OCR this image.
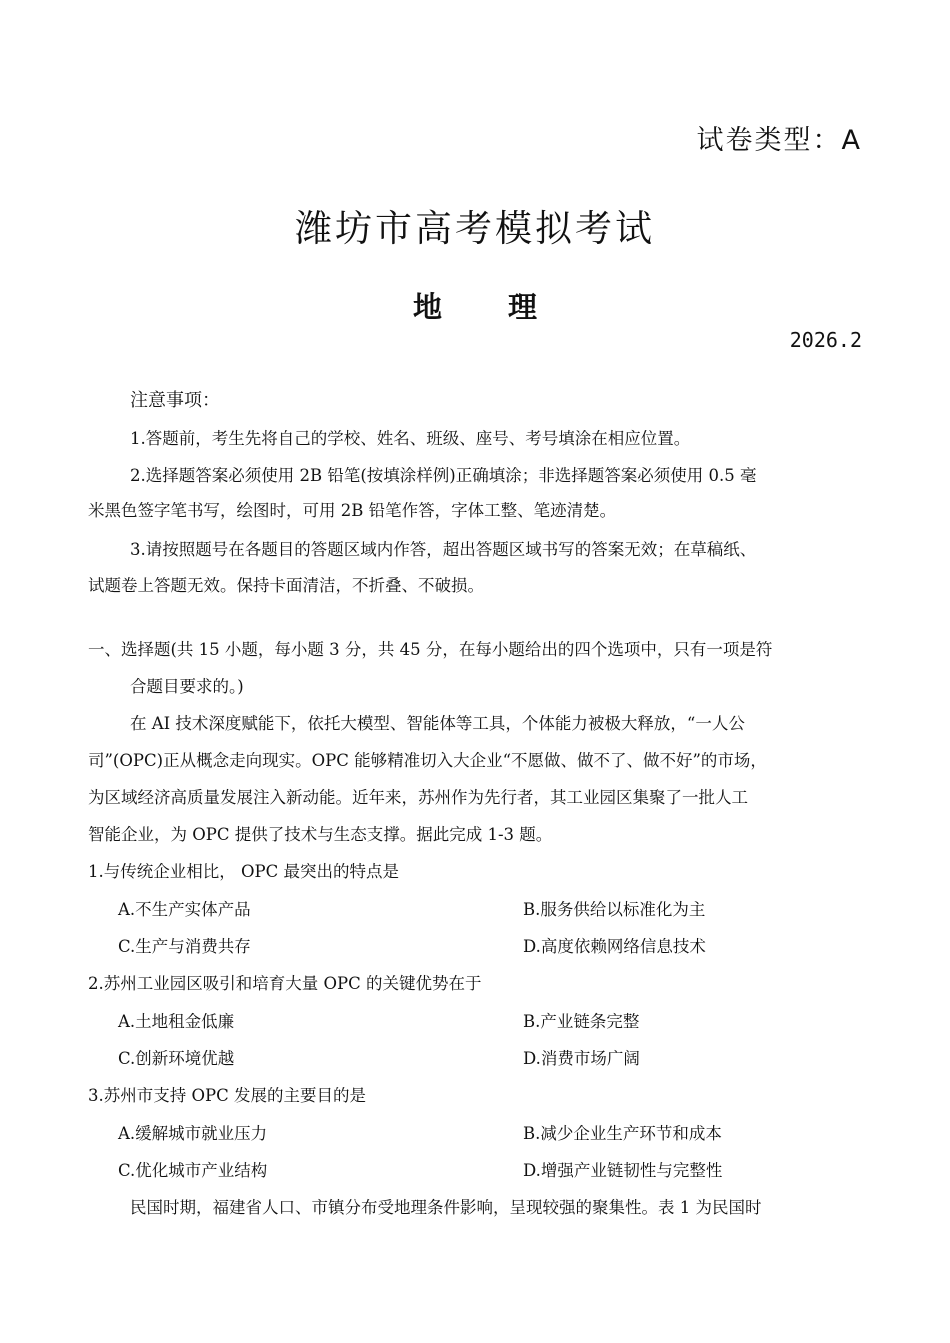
试卷类型：A
潍坊市高考模拟考试
地 理
2026.2
注意事项：
1.答题前，考生先将自己的学校、姓名、班级、座号、考号填涂在相应位置。
2.选择题答案必须使用 2B 铅笔(按填涂样例)正确填涂；非选择题答案必须使用 0.5 毫
米黑色签字笔书写，绘图时，可用 2B 铅笔作答，字体工整、笔迹清楚。
3.请按照题号在各题目的答题区域内作答，超出答题区域书写的答案无效；在草稿纸、
试题卷上答题无效。保持卡面清洁，不折叠、不破损。
一、选择题(共 15 小题，每小题 3 分，共 45 分，在每小题给出的四个选项中，只有一项是符
合题目要求的。)
在 AI 技术深度赋能下，依托大模型、智能体等工具，个体能力被极大释放，“一人公
司”(OPC)正从概念走向现实。OPC 能够精准切入大企业“不愿做、做不了、做不好”的市场，
为区域经济高质量发展注入新动能。近年来，苏州作为先行者，其工业园区集聚了一批人工
智能企业，为 OPC 提供了技术与生态支撑。据此完成 1-3 题。
1.与传统企业相比， OPC 最突出的特点是
A.不生产实体产品	B.服务供给以标准化为主
C.生产与消费共存	D.高度依赖网络信息技术
2.苏州工业园区吸引和培育大量 OPC 的关键优势在于
A.土地租金低廉	B.产业链条完整
C.创新环境优越	D.消费市场广阔
3.苏州市支持 OPC 发展的主要目的是
A.缓解城市就业压力	B.减少企业生产环节和成本
C.优化城市产业结构	D.增强产业链韧性与完整性
民国时期，福建省人口、市镇分布受地理条件影响，呈现较强的聚集性。表 1 为民国时
